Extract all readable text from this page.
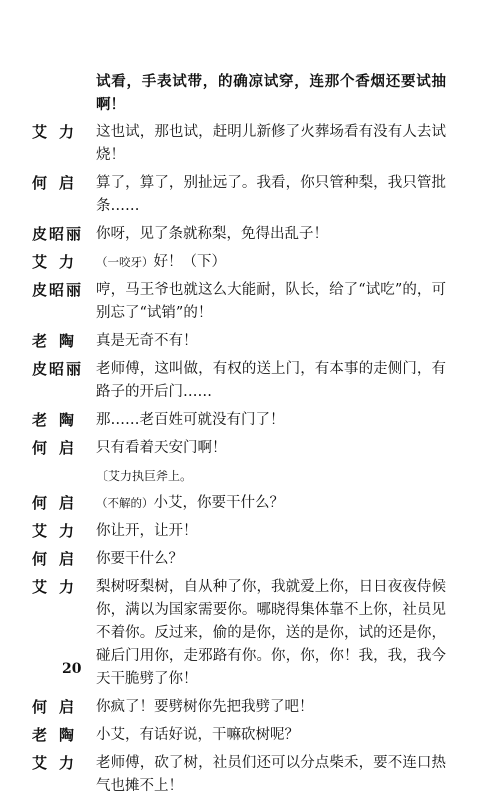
试看，手表试带，的确凉试穿，连那个香烟还要试抽啊！
艾力 这也试，那也试，赶明儿新修了火葬场看有没有人去试烧！
何启 算了，算了，别扯远了。我看，你只管种梨，我只管批条……
皮昭丽 你呀，见了条就称梨，免得出乱子！
艾力 （一咬牙）好！（下）
皮昭丽 哼，马王爷也就这么大能耐，队长，给了“试吃”的，可别忘了“试销”的！
老陶 真是无奇不有！
皮昭丽 老师傅，这叫做，有权的送上门，有本事的走侧门，有路子的开后门……
老陶 那……老百姓可就没有门了！
何启 只有看着天安门啊！
〔艾力执巨斧上。
何启 （不解的）小艾，你要干什么？
艾力 你让开，让开！
何启 你要干什么？
艾力 梨树呀梨树，自从种了你，我就爱上你，日日夜夜侍候你，满以为国家需要你。哪晓得集体靠不上你，社员见不着你。反过来，偷的是你，送的是你，试的还是你，碰后门用你，走邪路有你。你，你，你！我，我，我今天干脆劈了你！
何启 你疯了！要劈树你先把我劈了吧！
老陶 小艾，有话好说，干嘛砍树呢？
艾力 老师傅，砍了树，社员们还可以分点柴禾，要不连口热气也摊不上！
20
